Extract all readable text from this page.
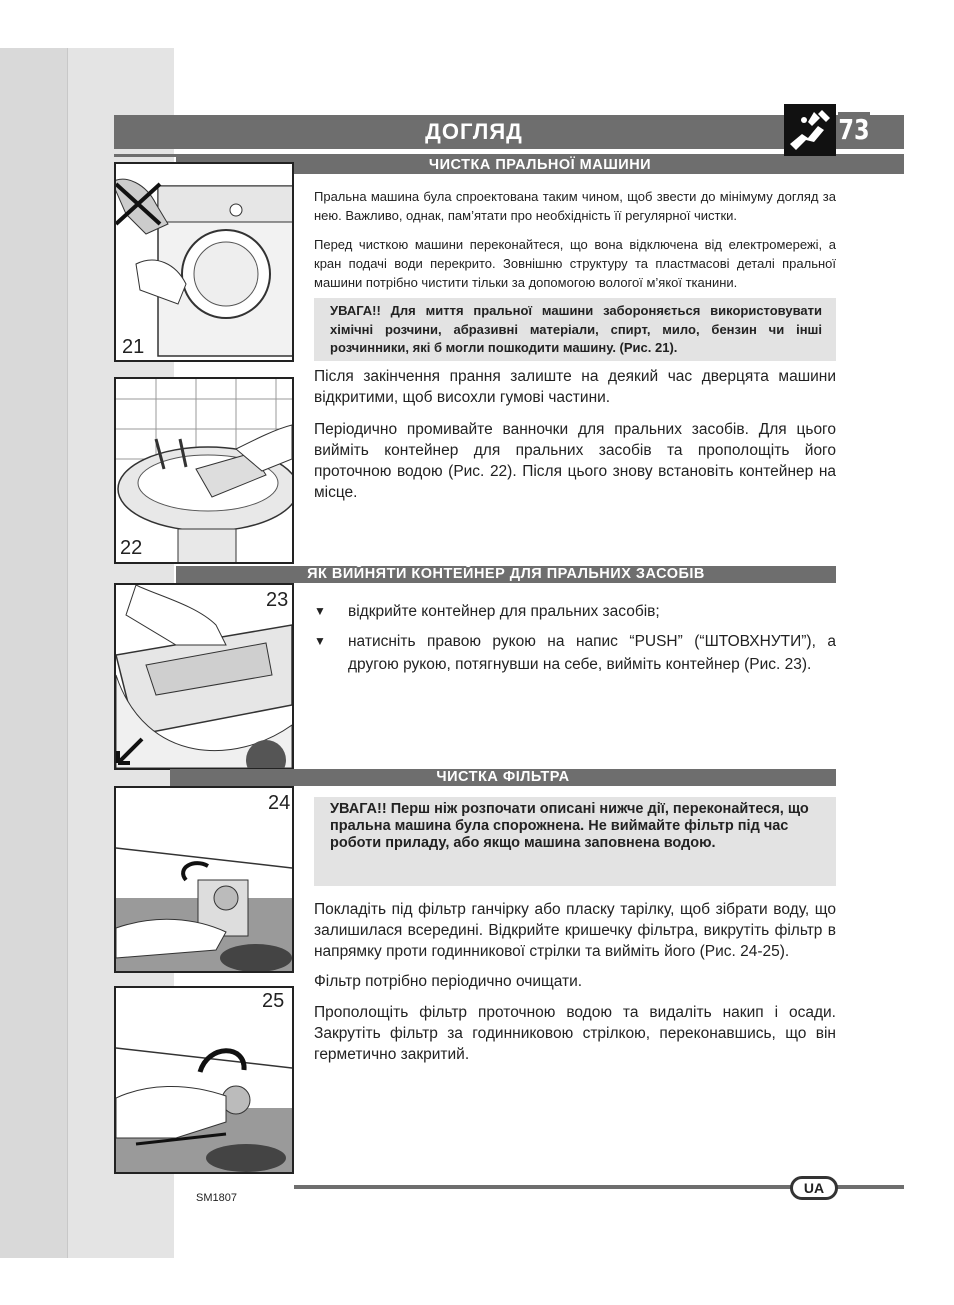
ДОГЛЯД	73
ЧИСТКА ПРАЛЬНОЇ МАШИНИ
21
Пральна машина була спроектована таким чином, щоб звести до мінімуму догляд за нею. Важливо, однак, пам’ятати про необхідність її регулярної чистки.
Перед чисткою машини переконайтеся, що вона відключена від електромережі, а кран подачі води перекрито. Зовнішню структуру та пластмасові деталі пральної машини потрібно чистити тільки за допомогою вологої м’якої тканини.

УВАГА!! Для миття пральної машини забороняється використовувати хімічні розчини, абразивні матеріали, спирт, мило, бензин чи інші розчинники, які б могли пошкодити машину. (Рис. 21).

22
Після закінчення прання залиште на деякий час дверцята машини відкритими, щоб висохли гумові частини.
Періодично промивайте ванночки для пральних засобів. Для цього вийміть контейнер для пральних засобів та прополощіть його проточною водою (Рис. 22). Після цього знову встановіть контейнер на місце.
ЯК ВИЙНЯТИ КОНТЕЙНЕР ДЛЯ ПРАЛЬНИХ ЗАСОБІВ
23 ▼	відкрийте контейнер для пральних засобів;
▼	натисніть правою рукою на напис “PUSH” (“ШТОВХНУТИ”), а другою рукою, потягнувши на себе, вийміть контейнер (Рис. 23).
ЧИСТКА ФІЛЬТРА
24	УВАГА!! Перш ніж розпочати описані нижче дії, переконайтеся, що пральна машина була спорожнена. Не виймайте фільтр під час роботи приладу, або якщо машина заповнена водою.

Покладіть під фільтр ганчірку або пласку тарілку, щоб зібрати воду, що залишилася всередині. Відкрийте кришечку фільтра, викрутіть фільтр в напрямку проти годинникової стрілки та вийміть його (Рис. 24-25).
Фільтр потрібно періодично очищати.
Прополощіть фільтр проточною водою та видаліть накип і осади. Закрутіть фільтр за годинниковою стрілкою, переконавшись, що він герметично закритий.
25
UA
SM1807
